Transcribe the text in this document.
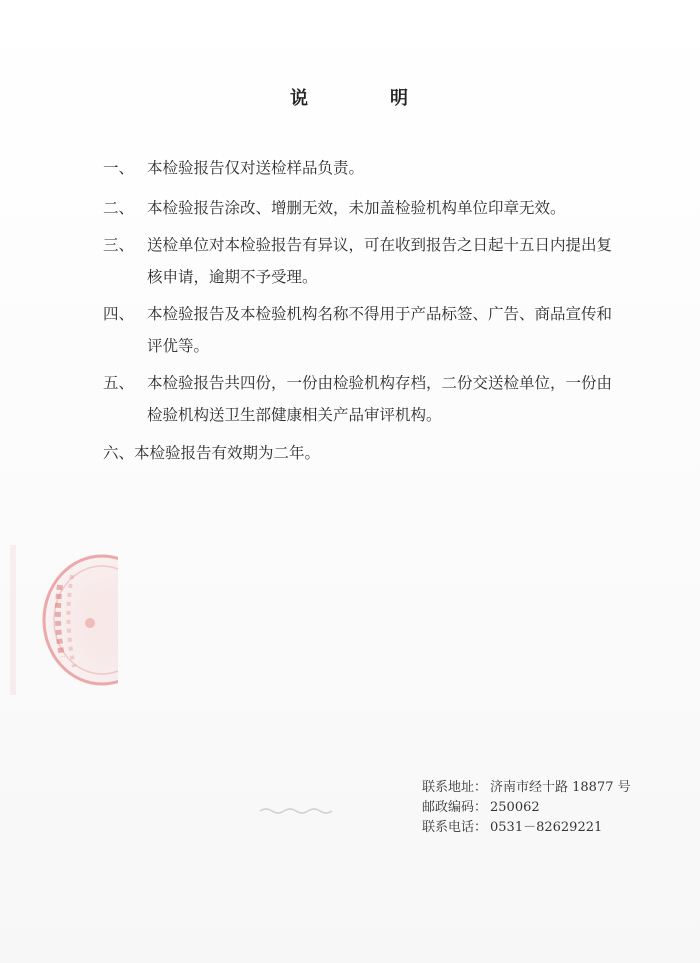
说	明
一、 本检验报告仅对送检样品负责。
二、 本检验报告涂改、增删无效，未加盖检验机构单位印章无效。
三、 送检单位对本检验报告有异议，可在收到报告之日起十五日内提出复
核申请，逾期不予受理。
四、 本检验报告及本检验机构名称不得用于产品标签、广告、商品宣传和
评优等。
五、 本检验报告共四份，一份由检验机构存档，二份交送检单位，一份由
检验机构送卫生部健康相关产品审评机构。
六、本检验报告有效期为二年。
联系地址： 济南市经十路 18877 号
邮政编码： 250062
联系电话： 0531－82629221
